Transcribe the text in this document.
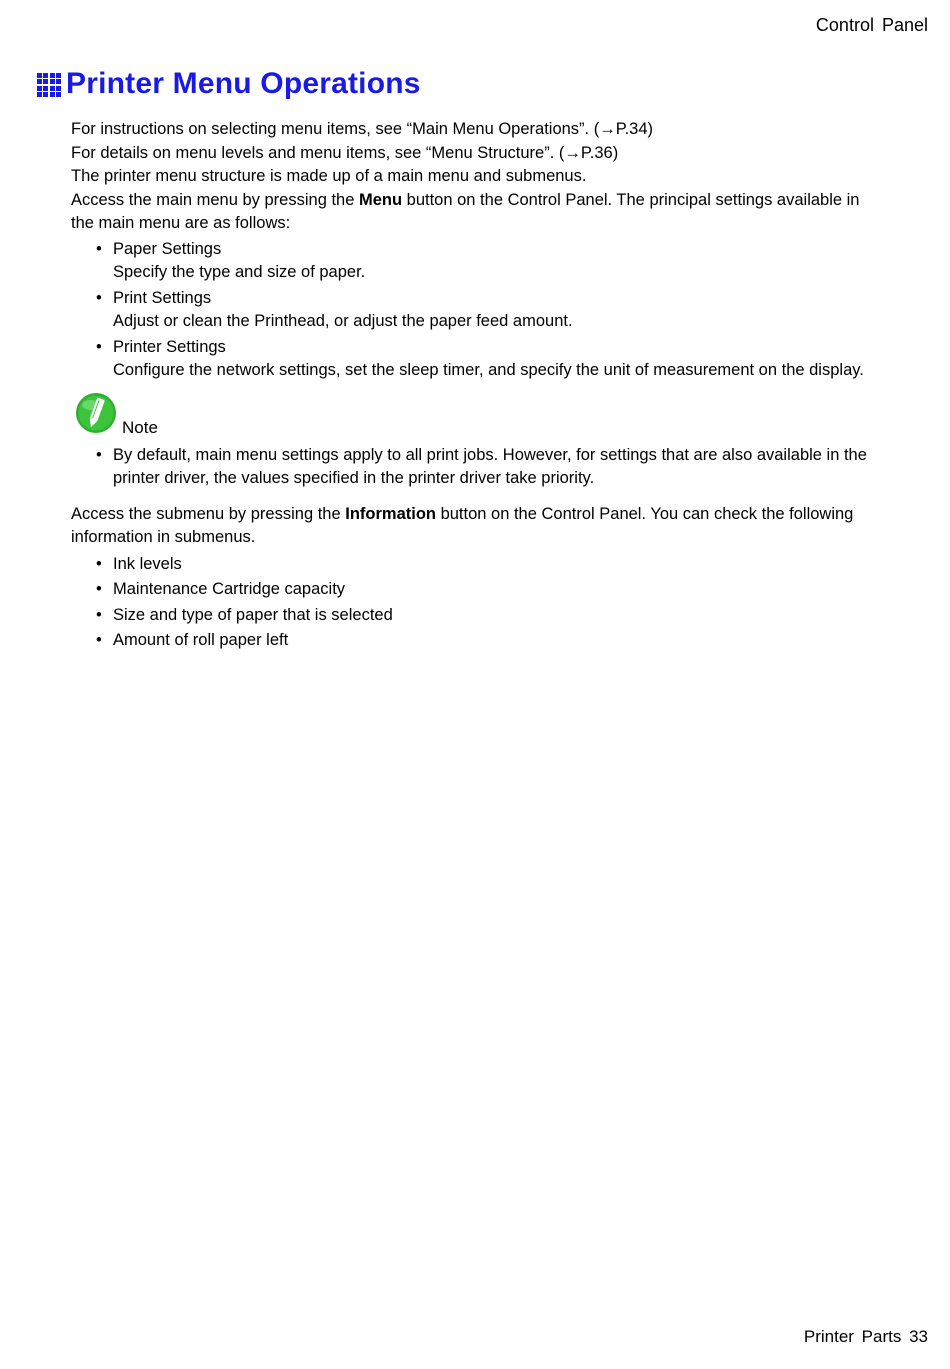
Control Panel
Printer Menu Operations

For instructions on selecting menu items, see “Main Menu Operations”. (→P.34)

For details on menu levels and menu items, see “Menu Structure”. (→P.36)

The printer menu structure is made up of a main menu and submenus.

Access the main menu by pressing the Menu button on the Control Panel. The principal settings available in the main menu are as follows:

• Paper Settings
Specify the type and size of paper.
• Print Settings
Adjust or clean the Printhead, or adjust the paper feed amount.
• Printer Settings
Configure the network settings, set the sleep timer, and specify the unit of measurement on the display.
Note
• By default, main menu settings apply to all print jobs. However, for settings that are also available in the printer driver, the values specified in the printer driver take priority.

Access the submenu by pressing the Information button on the Control Panel. You can check the following information in submenus.

• Ink levels
• Maintenance Cartridge capacity
• Size and type of paper that is selected
• Amount of roll paper left
Printer Parts 33
